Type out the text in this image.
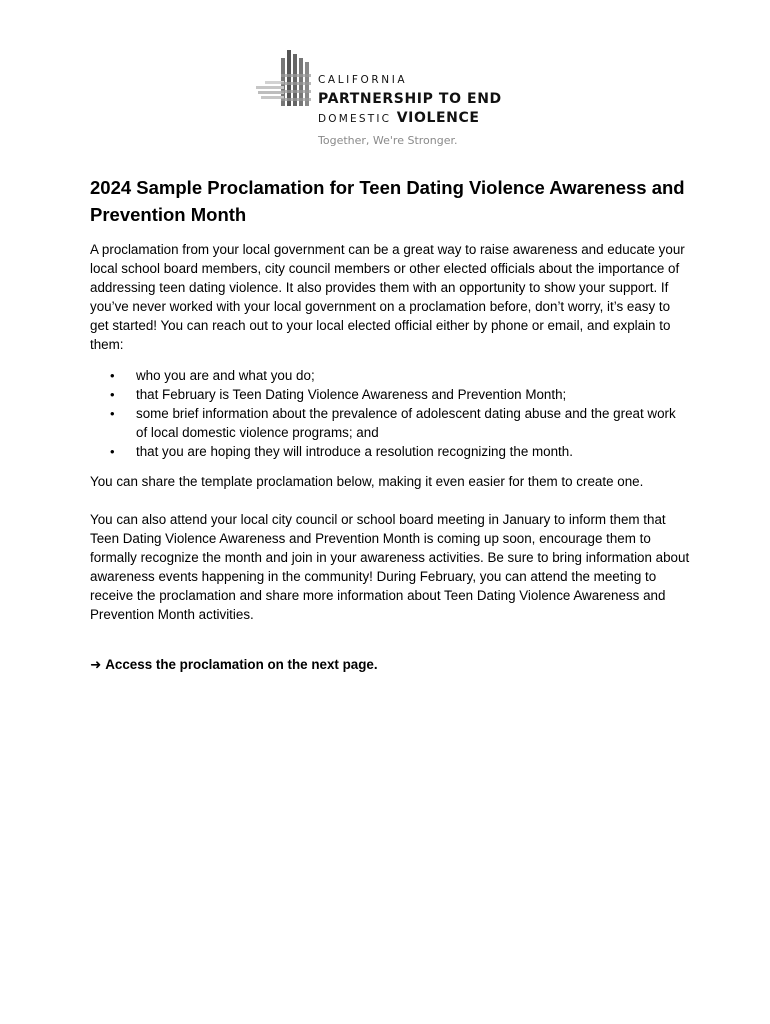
CALIFORNIA
PARTNERSHIP TO END
DOMESTIC VIOLENCE
Together, We're Stronger.
2024 Sample Proclamation for Teen Dating Violence Awareness and Prevention Month

A proclamation from your local government can be a great way to raise awareness and educate your local school board members, city council members or other elected officials about the importance of addressing teen dating violence. It also provides them with an opportunity to show your support. If you’ve never worked with your local government on a proclamation before, don’t worry, it’s easy to get started! You can reach out to your local elected official either by phone or email, and explain to them:

• who you are and what you do;
• that February is Teen Dating Violence Awareness and Prevention Month;
• some brief information about the prevalence of adolescent dating abuse and the great work of local domestic violence programs; and
• that you are hoping they will introduce a resolution recognizing the month.

You can share the template proclamation below, making it even easier for them to create one.

You can also attend your local city council or school board meeting in January to inform them that Teen Dating Violence Awareness and Prevention Month is coming up soon, encourage them to formally recognize the month and join in your awareness activities. Be sure to bring information about awareness events happening in the community! During February, you can attend the meeting to receive the proclamation and share more information about Teen Dating Violence Awareness and Prevention Month activities.

➜ Access the proclamation on the next page.
